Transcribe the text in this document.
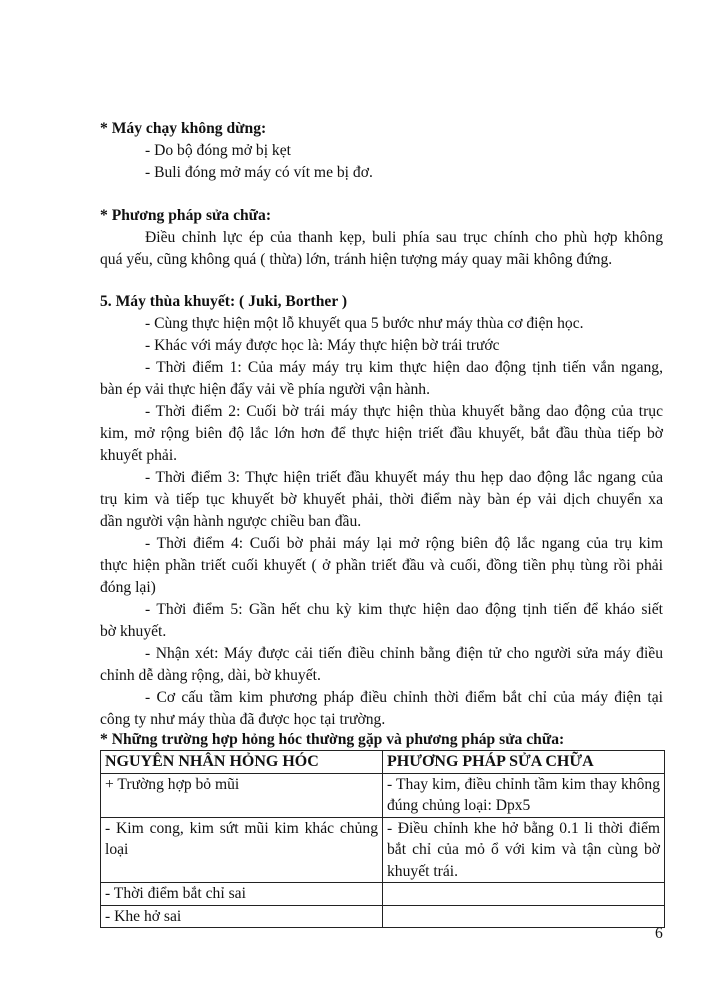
* Máy chạy không dừng:
- Do bộ đóng mở bị kẹt
- Buli đóng mở máy có vít me bị đơ.
* Phương pháp sửa chữa:
Điều chỉnh lực ép của thanh kẹp, buli phía sau trục chính cho phù hợp không
quá yếu, cũng không quá ( thừa) lớn, tránh hiện tượng máy quay mãi không đứng.
5. Máy thùa khuyết: ( Juki, Borther )
- Cùng thực hiện một lỗ khuyết qua 5 bước như máy thùa cơ điện học.
- Khác với máy được học là: Máy thực hiện bờ trái trước
- Thời điểm 1: Của máy máy trụ kim thực hiện dao động tịnh tiến vắn ngang,
bàn ép vải thực hiện đẩy vải về phía người vận hành.
- Thời điểm 2: Cuối bờ trái máy thực hiện thùa khuyết bằng dao động của trục
kim, mở rộng biên độ lắc lớn hơn để thực hiện triết đầu khuyết, bắt đầu thùa tiếp bờ
khuyết phải.
- Thời điểm 3: Thực hiện triết đầu khuyết máy thu hẹp dao động lắc ngang của
trụ kim và tiếp tục khuyết bờ khuyết phải, thời điểm này bàn ép vải dịch chuyển xa
dần người vận hành ngược chiều ban đầu.
- Thời điểm 4: Cuối bờ phải máy lại mở rộng biên độ lắc ngang của trụ kim
thực hiện phần triết cuối khuyết ( ở phần triết đầu và cuối, đồng tiền phụ tùng rồi phải
đóng lại)
- Thời điểm 5: Gần hết chu kỳ kim thực hiện dao động tịnh tiến để kháo siết
bờ khuyết.
- Nhận xét: Máy được cải tiến điều chỉnh bằng điện tử cho người sửa máy điều
chỉnh dễ dàng rộng, dài, bờ khuyết.
- Cơ cấu tầm kim phương pháp điều chỉnh thời điểm bắt chỉ của máy điện tại
công ty như máy thùa đã được học tại trường.
* Những trường hợp hỏng hóc thường gặp và phương pháp sửa chữa:
NGUYÊN NHÂN HỎNG HÓC	PHƯƠNG PHÁP SỬA CHỮA
+ Trường hợp bỏ mũi	- Thay kim, điều chỉnh tầm kim thay không đúng chủng loại: Dpx5
- Kim cong, kim sứt mũi kim khác chủng loại	- Điều chỉnh khe hở bằng 0.1 li thời điểm bắt chỉ của mỏ ổ với kim và tận cùng bờ khuyết trái.
- Thời điểm bắt chỉ sai	
- Khe hở sai	
6
